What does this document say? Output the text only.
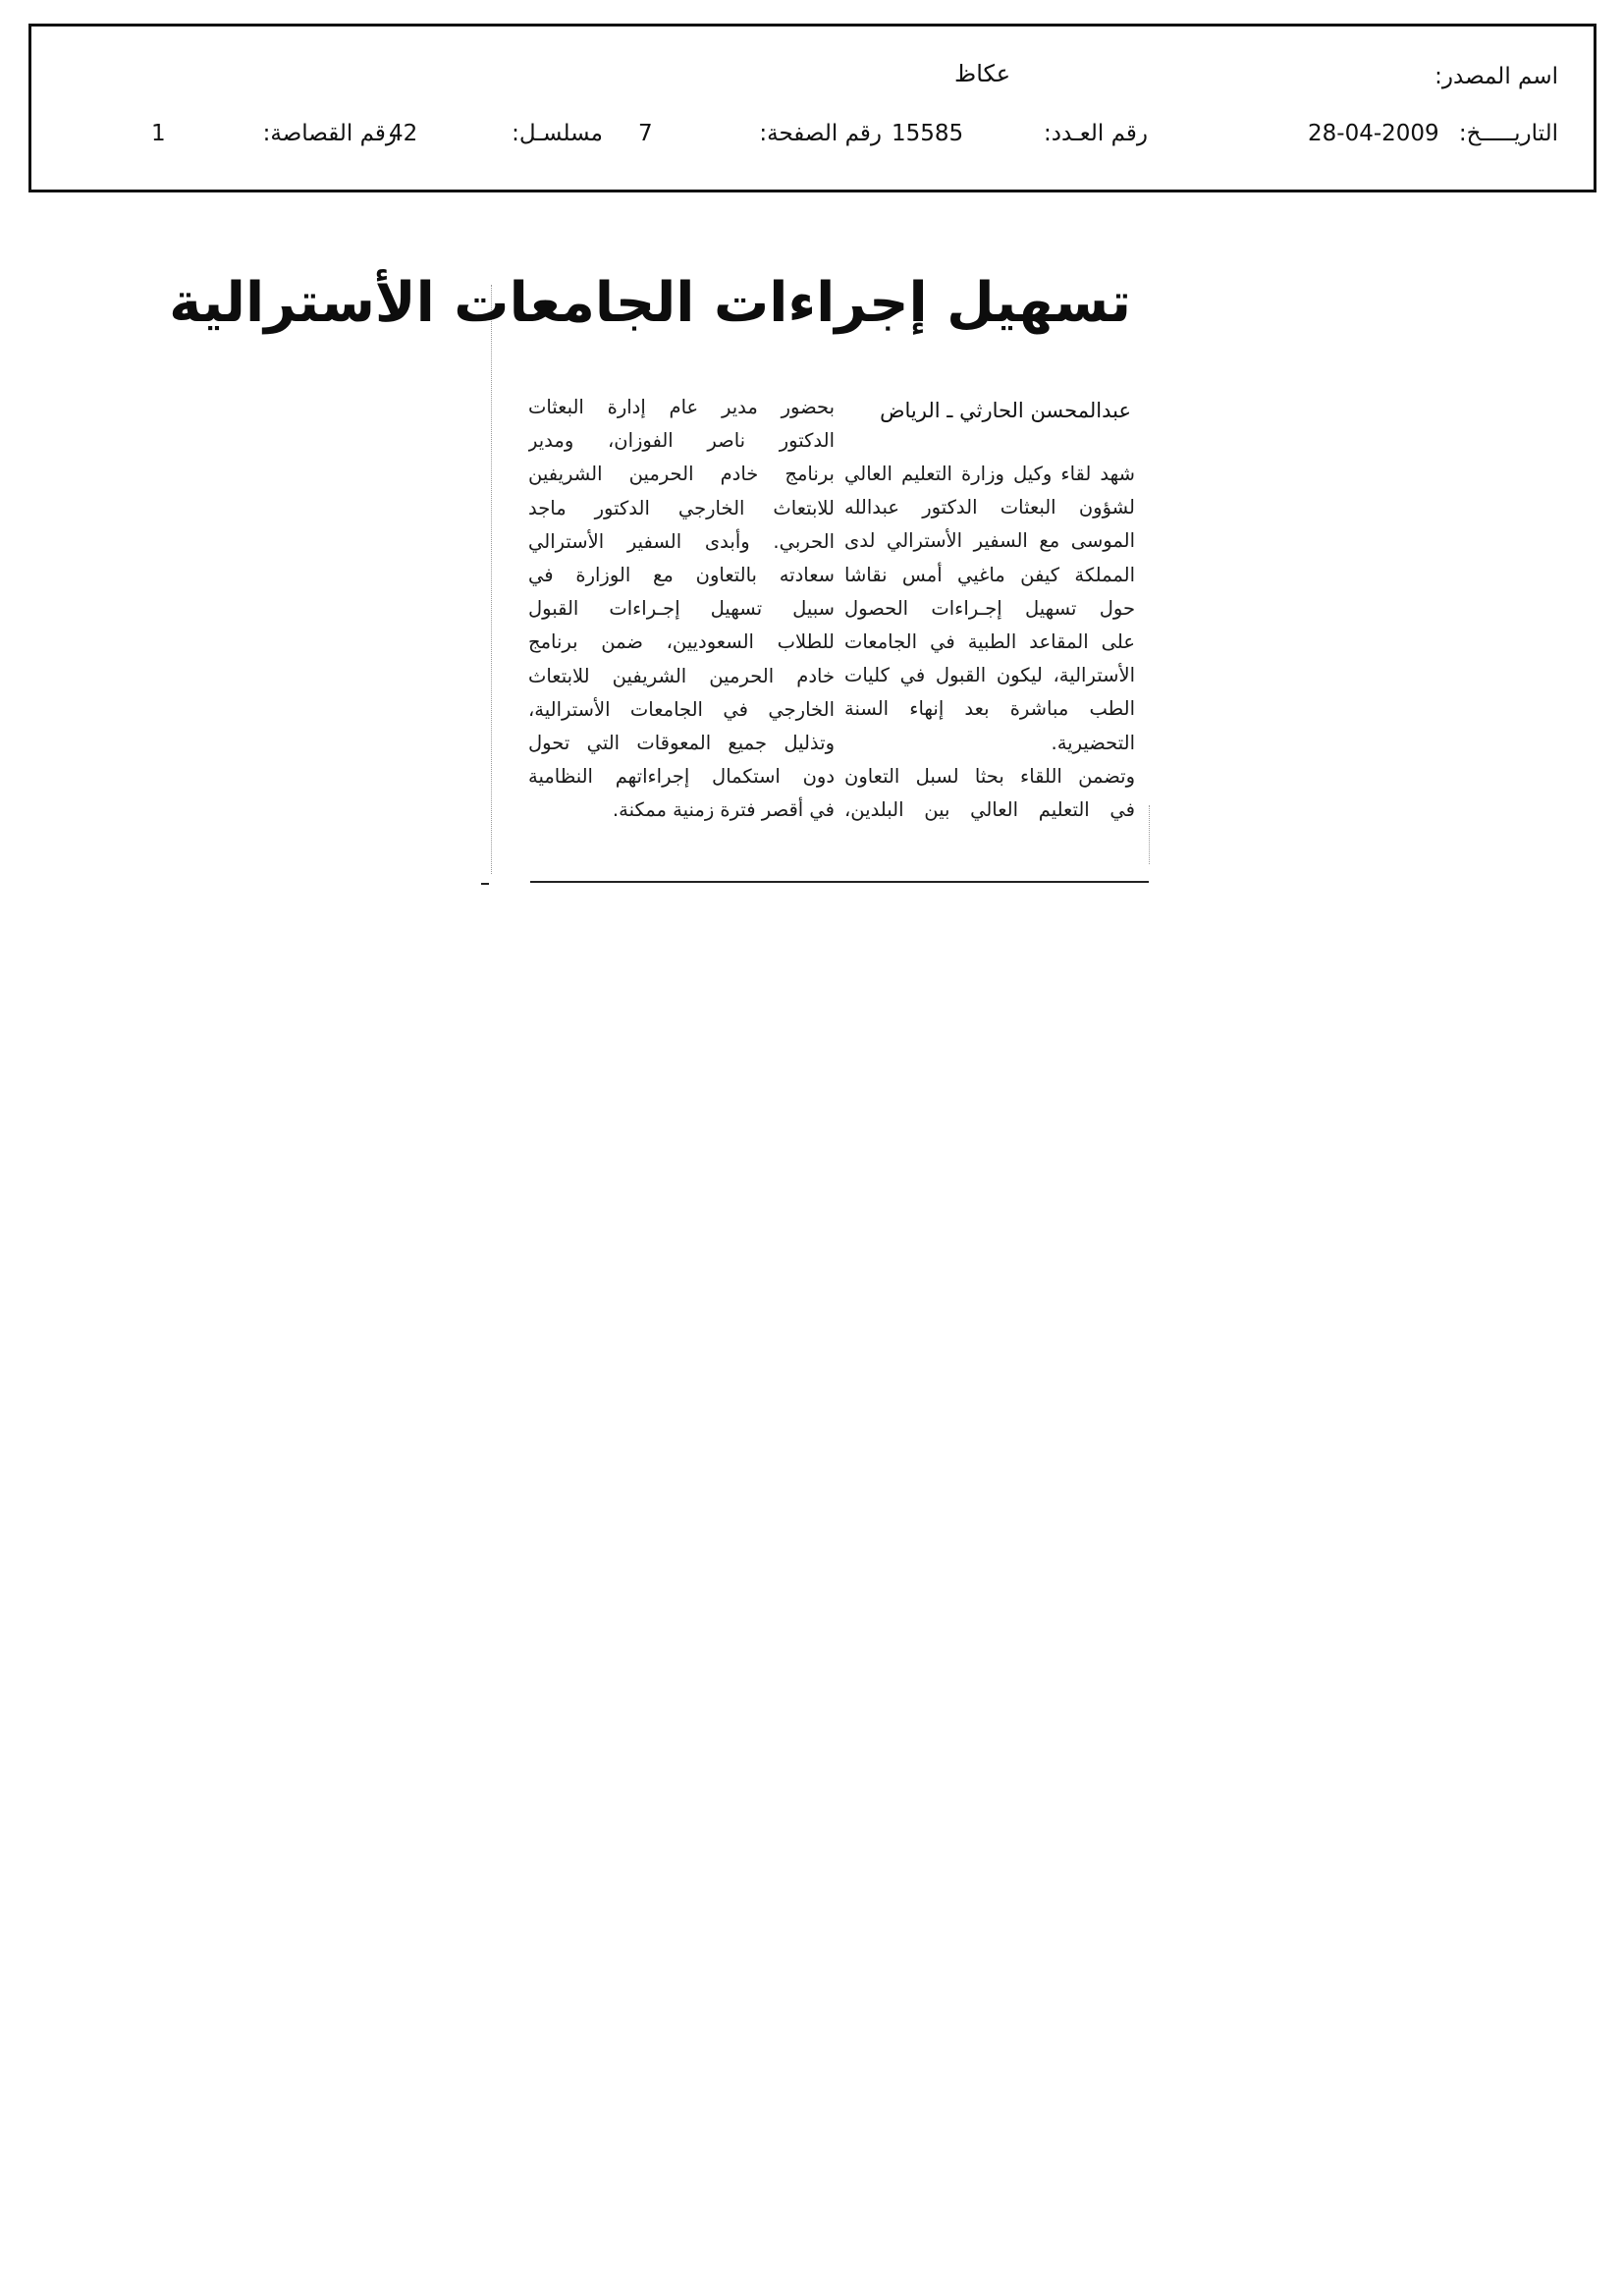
اسم المصدر:
عكاظ
التاريـــــخ:
28-04-2009
رقم العـدد:
15585
رقم الصفحة:
7
مسلسـل:
42
رقم القصاصة:
1
تسهيل إجراءات الجامعات الأسترالية
عبدالمحسن الحارثي ـ الرياض
شهد لقاء وكيل وزارة التعليم العالي
لشؤون البعثات الدكتور عبدالله
الموسى مع السفير الأسترالي لدى
المملكة كيفن ماغيي أمس نقاشا
حول تسهيل إجـراءات الحصول
على المقاعد الطبية في الجامعات
الأسترالية، ليكون القبول في كليات
الطب مباشرة بعد إنهاء السنة
التحضيرية.
وتضمن اللقاء بحثا لسبل التعاون
في التعليم العالي بين البلدين،
بحضور مدير عام إدارة البعثات
الدكتور ناصر الفوزان، ومدير
برنامج خادم الحرمين الشريفين
للابتعاث الخارجي الدكتور ماجد
الحربي. وأبدى السفير الأسترالي
سعادته بالتعاون مع الوزارة في
سبيل تسهيل إجـراءات القبول
للطلاب السعوديين، ضمن برنامج
خادم الحرمين الشريفين للابتعاث
الخارجي في الجامعات الأسترالية،
وتذليل جميع المعوقات التي تحول
دون استكمال إجراءاتهم النظامية
في أقصر فترة زمنية ممكنة.
